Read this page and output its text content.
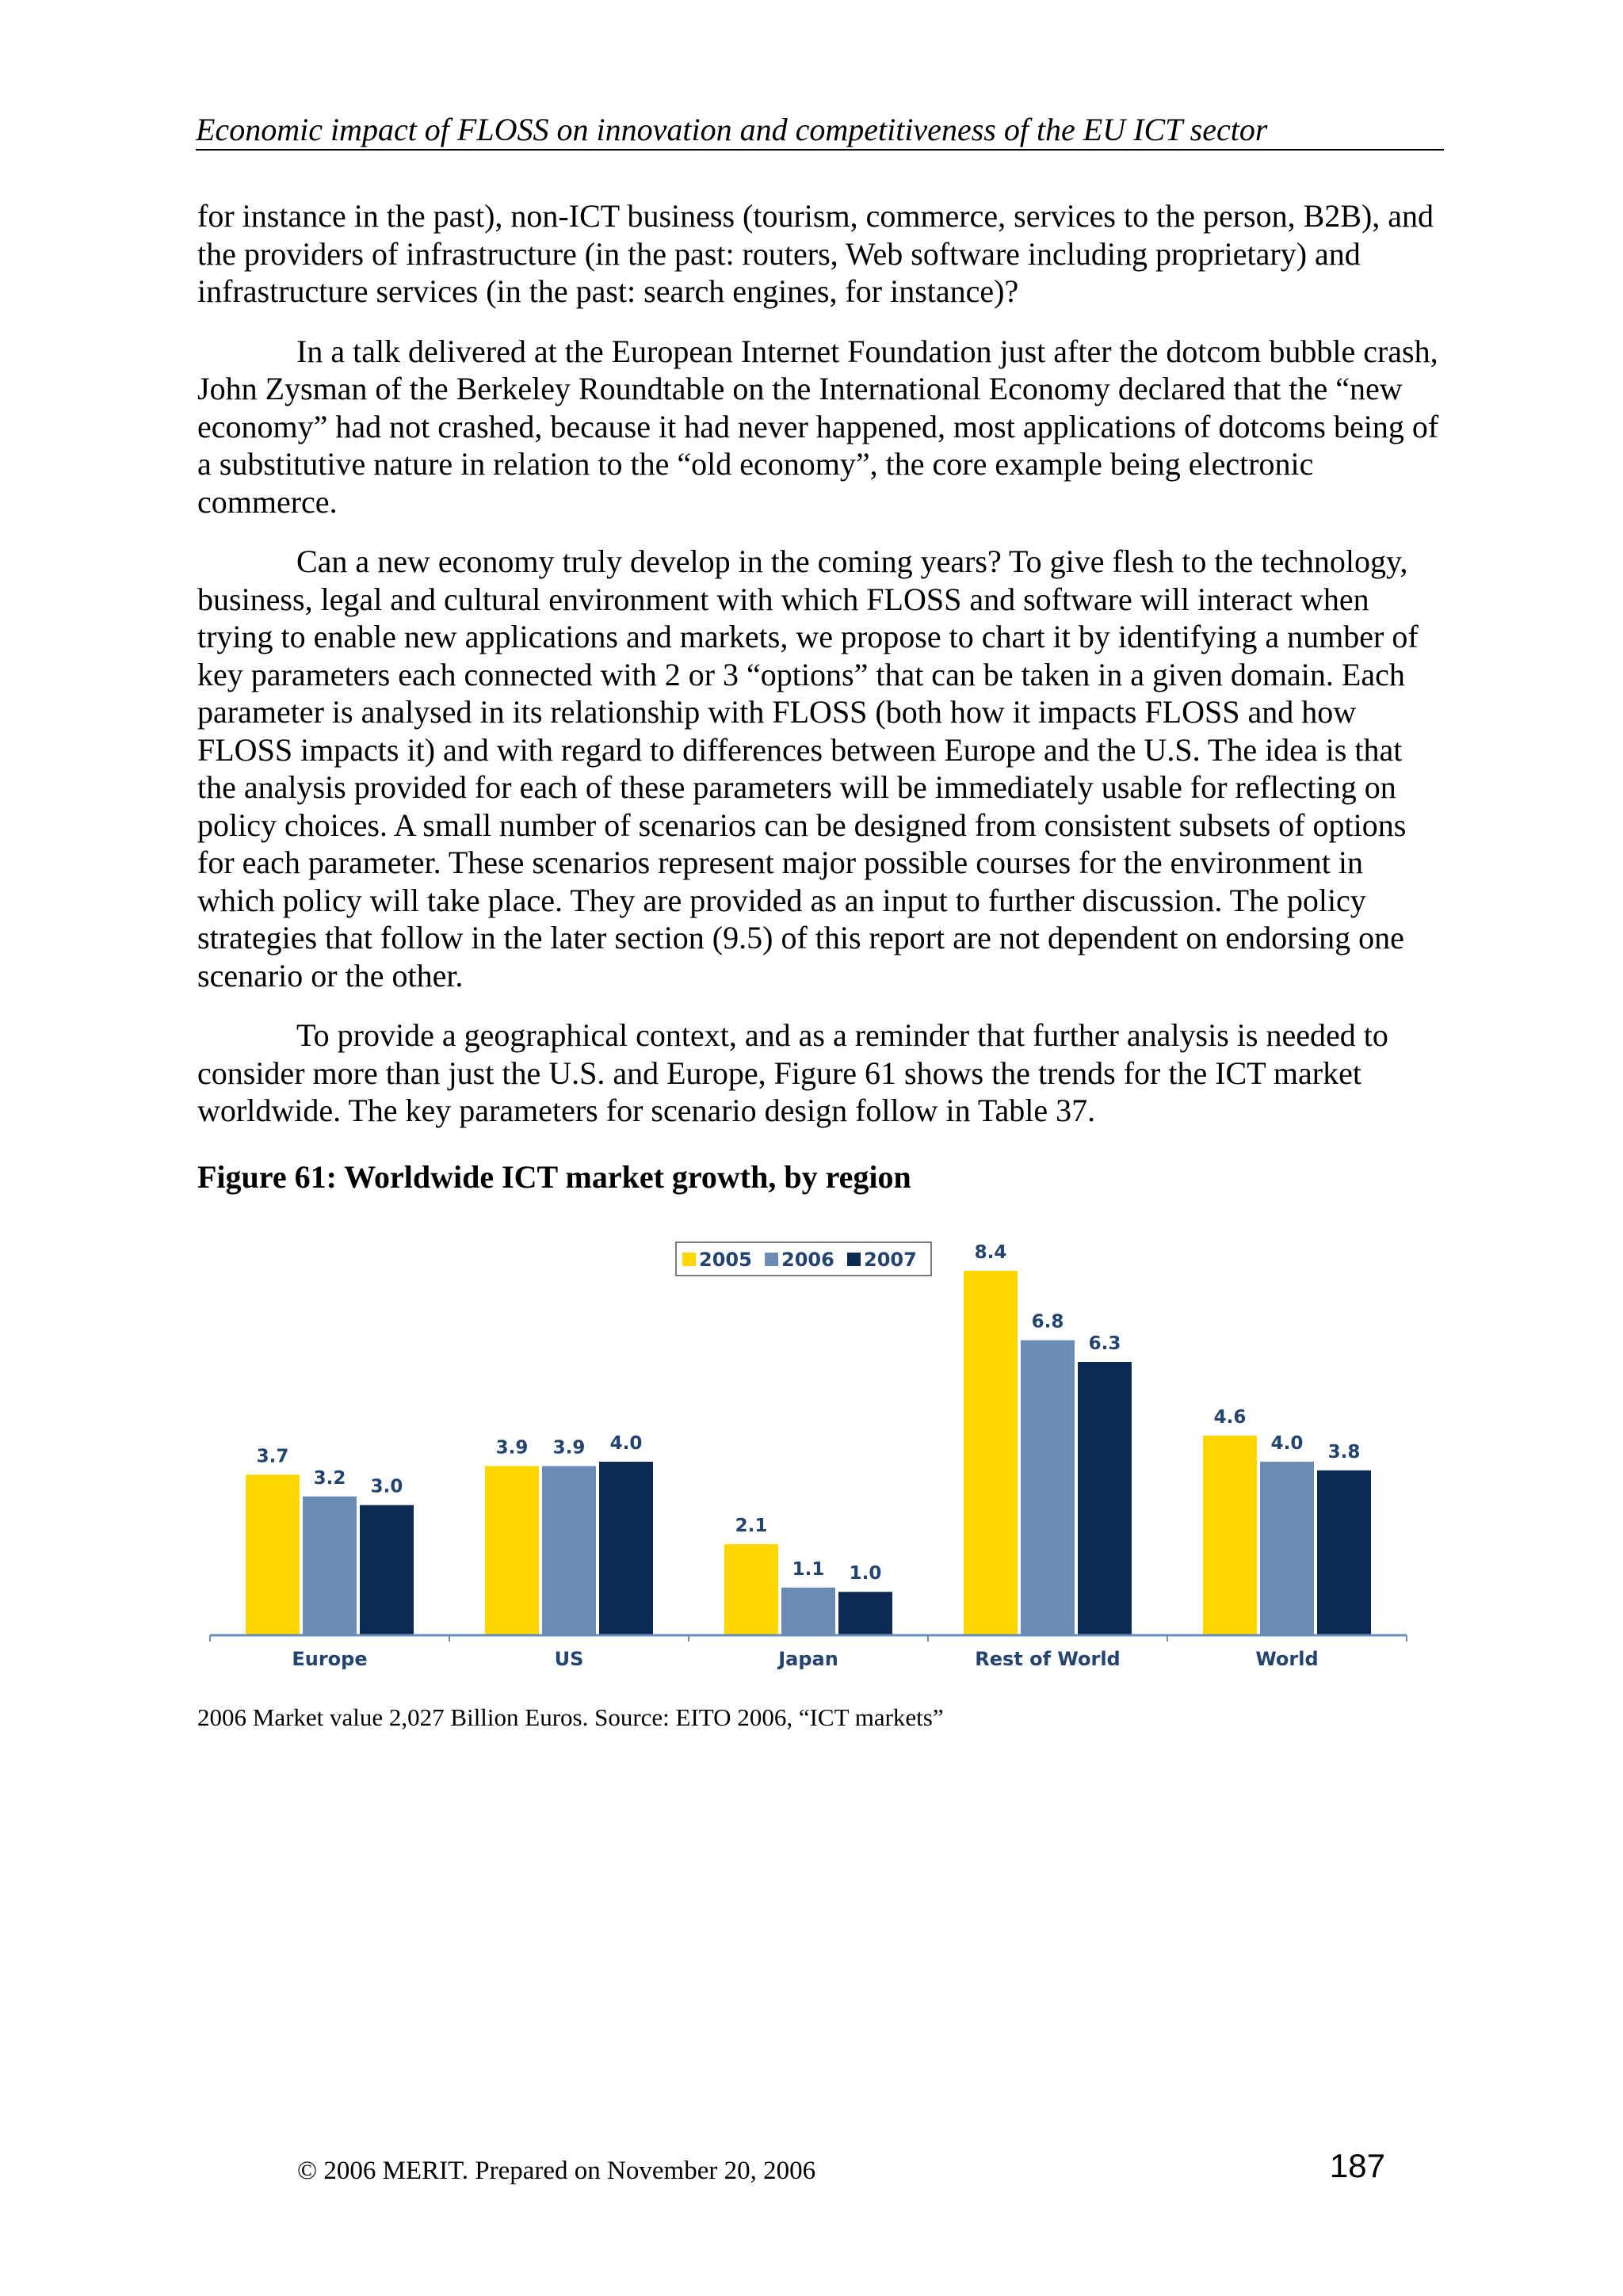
Economic impact of FLOSS on innovation and competitiveness of the EU ICT sector

for instance in the past), non-ICT business (tourism, commerce, services to the person, B2B), and the providers of infrastructure (in the past: routers, Web software including proprietary) and infrastructure services (in the past: search engines, for instance)?

In a talk delivered at the European Internet Foundation just after the dotcom bubble crash, John Zysman of the Berkeley Roundtable on the International Economy declared that the “new economy” had not crashed, because it had never happened, most applications of dotcoms being of a substitutive nature in relation to the “old economy”, the core example being electronic commerce.

Can a new economy truly develop in the coming years? To give flesh to the technology, business, legal and cultural environment with which FLOSS and software will interact when trying to enable new applications and markets, we propose to chart it by identifying a number of key parameters each connected with 2 or 3 “options” that can be taken in a given domain. Each parameter is analysed in its relationship with FLOSS (both how it impacts FLOSS and how FLOSS impacts it) and with regard to differences between Europe and the U.S. The idea is that the analysis provided for each of these parameters will be immediately usable for reflecting on policy choices. A small number of scenarios can be designed from consistent subsets of options for each parameter. These scenarios represent major possible courses for the environment in which policy will take place. They are provided as an input to further discussion. The policy strategies that follow in the later section (9.5) of this report are not dependent on endorsing one scenario or the other.

To provide a geographical context, and as a reminder that further analysis is needed to consider more than just the U.S. and Europe, Figure 61 shows the trends for the ICT market worldwide. The key parameters for scenario design follow in Table 37.

Figure 61: Worldwide ICT market growth, by region
2005 2006 2007
3.7
3.2 3.0
3.9 3.9 4.0
2.1
1.1 1.0
8.4
6.8
6.3
4.6
4.0 3.8
Europe	US	Japan	Rest of World	World
2006 Market value 2,027 Billion Euros. Source: EITO 2006, “ICT markets”
© 2006 MERIT. Prepared on November 20, 2006	187
